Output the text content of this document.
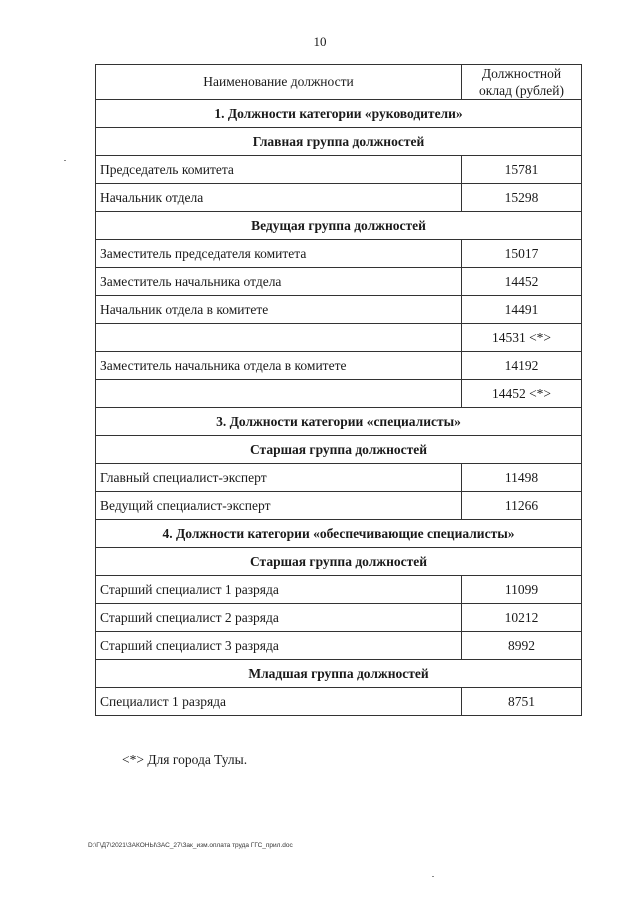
10
Наименование должности	Должностной оклад (рублей)
1. Должности категории «руководители»	
Главная группа должностей	
Председатель комитета	15781
Начальник отдела	15298
Ведущая группа должностей	
Заместитель председателя комитета	15017
Заместитель начальника отдела	14452
Начальник отдела в комитете	14491
	14531 <*>
Заместитель начальника отдела в комитете	14192
	14452 <*>
3. Должности категории «специалисты»	
Старшая группа должностей	
Главный специалист-эксперт	11498
Ведущий специалист-эксперт	11266
4. Должности категории «обеспечивающие специалисты»	
Старшая группа должностей	
Старший специалист 1 разряда	11099
Старший специалист 2 разряда	10212
Старший специалист 3 разряда	8992
Младшая группа должностей	
Специалист 1 разряда	8751
<*> Для города Тулы.
D:\Г\Д7\2021\ЗАКОНЫ\ЗАС_27\Зак_изм.оплата труда ГГС_прил.doc
